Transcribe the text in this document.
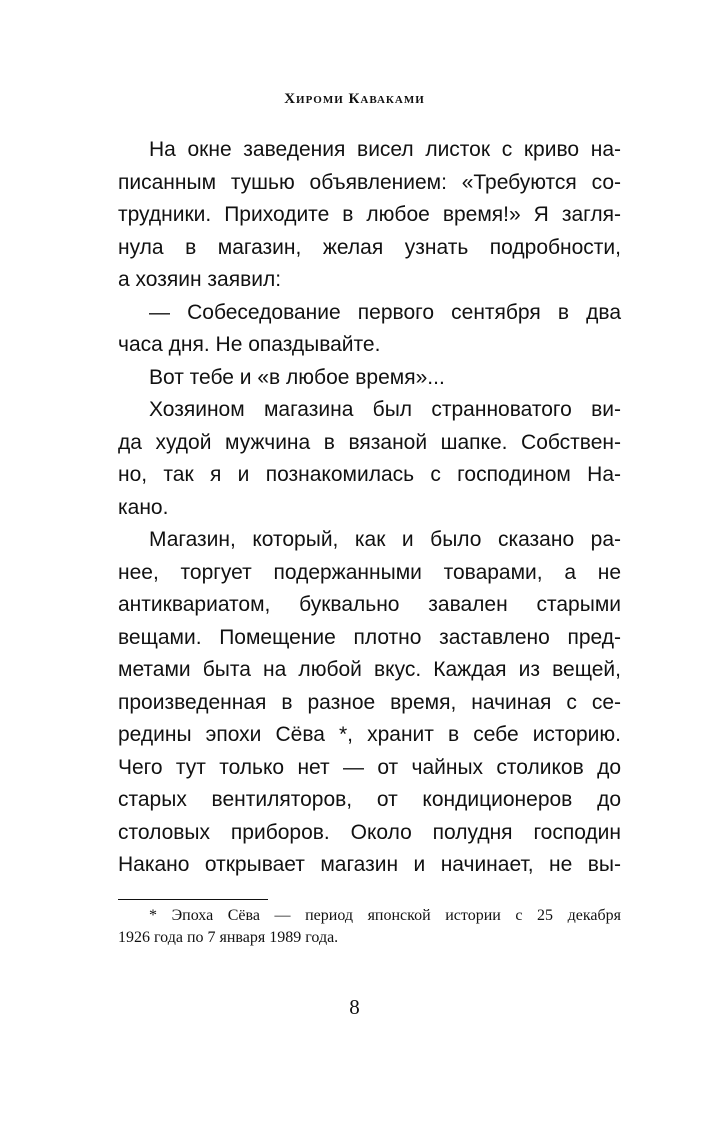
Хироми Каваками
На окне заведения висел листок с криво на-
писанным тушью объявлением: «Требуются со-
трудники. Приходите в любое время!» Я загля-
нула в магазин, желая узнать подробности,
а хозяин заявил:
— Собеседование первого сентября в два
часа дня. Не опаздывайте.
Вот тебе и «в любое время»...
Хозяином магазина был странноватого ви-
да худой мужчина в вязаной шапке. Собствен-
но, так я и познакомилась с господином На-
кано.
Магазин, который, как и было сказано ра-
нее, торгует подержанными товарами, а не
антиквариатом, буквально завален старыми
вещами. Помещение плотно заставлено пред-
метами быта на любой вкус. Каждая из вещей,
произведенная в разное время, начиная с се-
редины эпохи Сёва *, хранит в себе историю.
Чего тут только нет — от чайных столиков до
старых вентиляторов, от кондиционеров до
столовых приборов. Около полудня господин
Накано открывает магазин и начинает, не вы-
* Эпоха Сёва — период японской истории с 25 декабря
1926 года по 7 января 1989 года.
8
